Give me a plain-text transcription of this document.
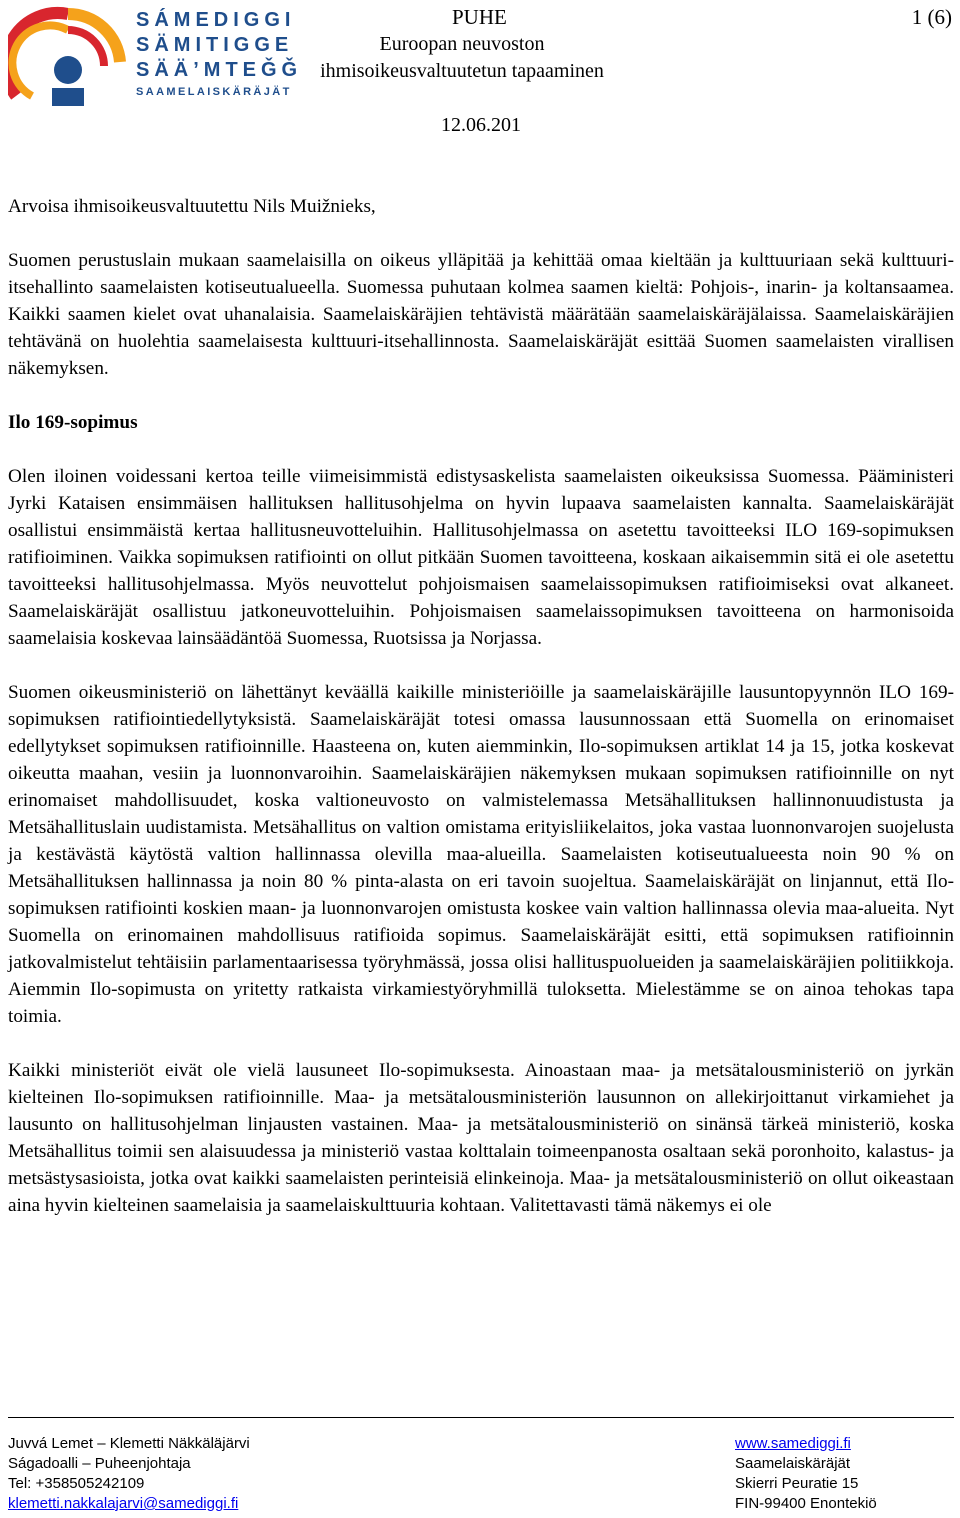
SÁMEDIGGI
SÄMITIGGE
SÄÄ’MTEǦǦ
SAAMELAISKÄRÄJÄT
PUHE	1 (6)
Euroopan neuvoston ihmisoikeusvaltuutetun tapaaminen
12.06.201

Arvoisa ihmisoikeusvaltuutettu Nils Muižnieks,

Suomen perustuslain mukaan saamelaisilla on oikeus ylläpitää ja kehittää omaa kieltään ja kulttuuriaan sekä kulttuuri-itsehallinto saamelaisten kotiseutualueella. Suomessa puhutaan kolmea saamen kieltä: Pohjois-, inarin- ja koltansaamea. Kaikki saamen kielet ovat uhanalaisia. Saamelaiskäräjien tehtävistä määrätään saamelaiskäräjälaissa. Saamelaiskäräjien tehtävänä on huolehtia saamelaisesta kulttuuri-itsehallinnosta. Saamelaiskäräjät esittää Suomen saamelaisten virallisen näkemyksen.

Ilo 169-sopimus

Olen iloinen voidessani kertoa teille viimeisimmistä edistysaskelista saamelaisten oikeuksissa Suomessa. Pääministeri Jyrki Kataisen ensimmäisen hallituksen hallitusohjelma on hyvin lupaava saamelaisten kannalta. Saamelaiskäräjät osallistui ensimmäistä kertaa hallitusneuvotteluihin. Hallitusohjelmassa on asetettu tavoitteeksi ILO 169-sopimuksen ratifioiminen. Vaikka sopimuksen ratifiointi on ollut pitkään Suomen tavoitteena, koskaan aikaisemmin sitä ei ole asetettu tavoitteeksi hallitusohjelmassa. Myös neuvottelut pohjoismaisen saamelaissopimuksen ratifioimiseksi ovat alkaneet. Saamelaiskäräjät osallistuu jatkoneuvotteluihin. Pohjoismaisen saamelaissopimuksen tavoitteena on harmonisoida saamelaisia koskevaa lainsäädäntöä Suomessa, Ruotsissa ja Norjassa.

Suomen oikeusministeriö on lähettänyt keväällä kaikille ministeriöille ja saamelaiskäräjille lausuntopyynnön ILO 169-sopimuksen ratifiointiedellytyksistä. Saamelaiskäräjät totesi omassa lausunnossaan että Suomella on erinomaiset edellytykset sopimuksen ratifioinnille. Haasteena on, kuten aiemminkin, Ilo-sopimuksen artiklat 14 ja 15, jotka koskevat oikeutta maahan, vesiin ja luonnonvaroihin. Saamelaiskäräjien näkemyksen mukaan sopimuksen ratifioinnille on nyt erinomaiset mahdollisuudet, koska valtioneuvosto on valmistelemassa Metsähallituksen hallinnonuudistusta ja Metsähallituslain uudistamista. Metsähallitus on valtion omistama erityisliikelaitos, joka vastaa luonnonvarojen suojelusta ja kestävästä käytöstä valtion hallinnassa olevilla maa-alueilla. Saamelaisten kotiseutualueesta noin 90 % on Metsähallituksen hallinnassa ja noin 80 % pinta-alasta on eri tavoin suojeltua. Saamelaiskäräjät on linjannut, että Ilo-sopimuksen ratifiointi koskien maan- ja luonnonvarojen omistusta koskee vain valtion hallinnassa olevia maa-alueita. Nyt Suomella on erinomainen mahdollisuus ratifioida sopimus. Saamelaiskäräjät esitti, että sopimuksen ratifioinnin jatkovalmistelut tehtäisiin parlamentaarisessa työryhmässä, jossa olisi hallituspuolueiden ja saamelaiskäräjien politiikkoja. Aiemmin Ilo-sopimusta on yritetty ratkaista virkamiestyöryhmillä tuloksetta. Mielestämme se on ainoa tehokas tapa toimia.

Kaikki ministeriöt eivät ole vielä lausuneet Ilo-sopimuksesta. Ainoastaan maa- ja metsätalousministeriö on jyrkän kielteinen Ilo-sopimuksen ratifioinnille. Maa- ja metsätalousministeriön lausunnon on allekirjoittanut virkamiehet ja lausunto on hallitusohjelman linjausten vastainen. Maa- ja metsätalousministeriö on sinänsä tärkeä ministeriö, koska Metsähallitus toimii sen alaisuudessa ja ministeriö vastaa kolttalain toimeenpanosta osaltaan sekä poronhoito, kalastus- ja metsästysasioista, jotka ovat kaikki saamelaisten perinteisiä elinkeinoja. Maa- ja metsätalousministeriö on ollut oikeastaan aina hyvin kielteinen saamelaisia ja saamelaiskulttuuria kohtaan. Valitettavasti tämä näkemys ei ole

Juvvá Lemet – Klemetti Näkkäläjärvi
Ságadoalli – Puheenjohtaja
Tel: +358505242109
klemetti.nakkalajarvi@samediggi.fi
www.samediggi.fi
Saamelaiskäräjät
Skierri Peuratie 15
FIN-99400 Enontekiö
